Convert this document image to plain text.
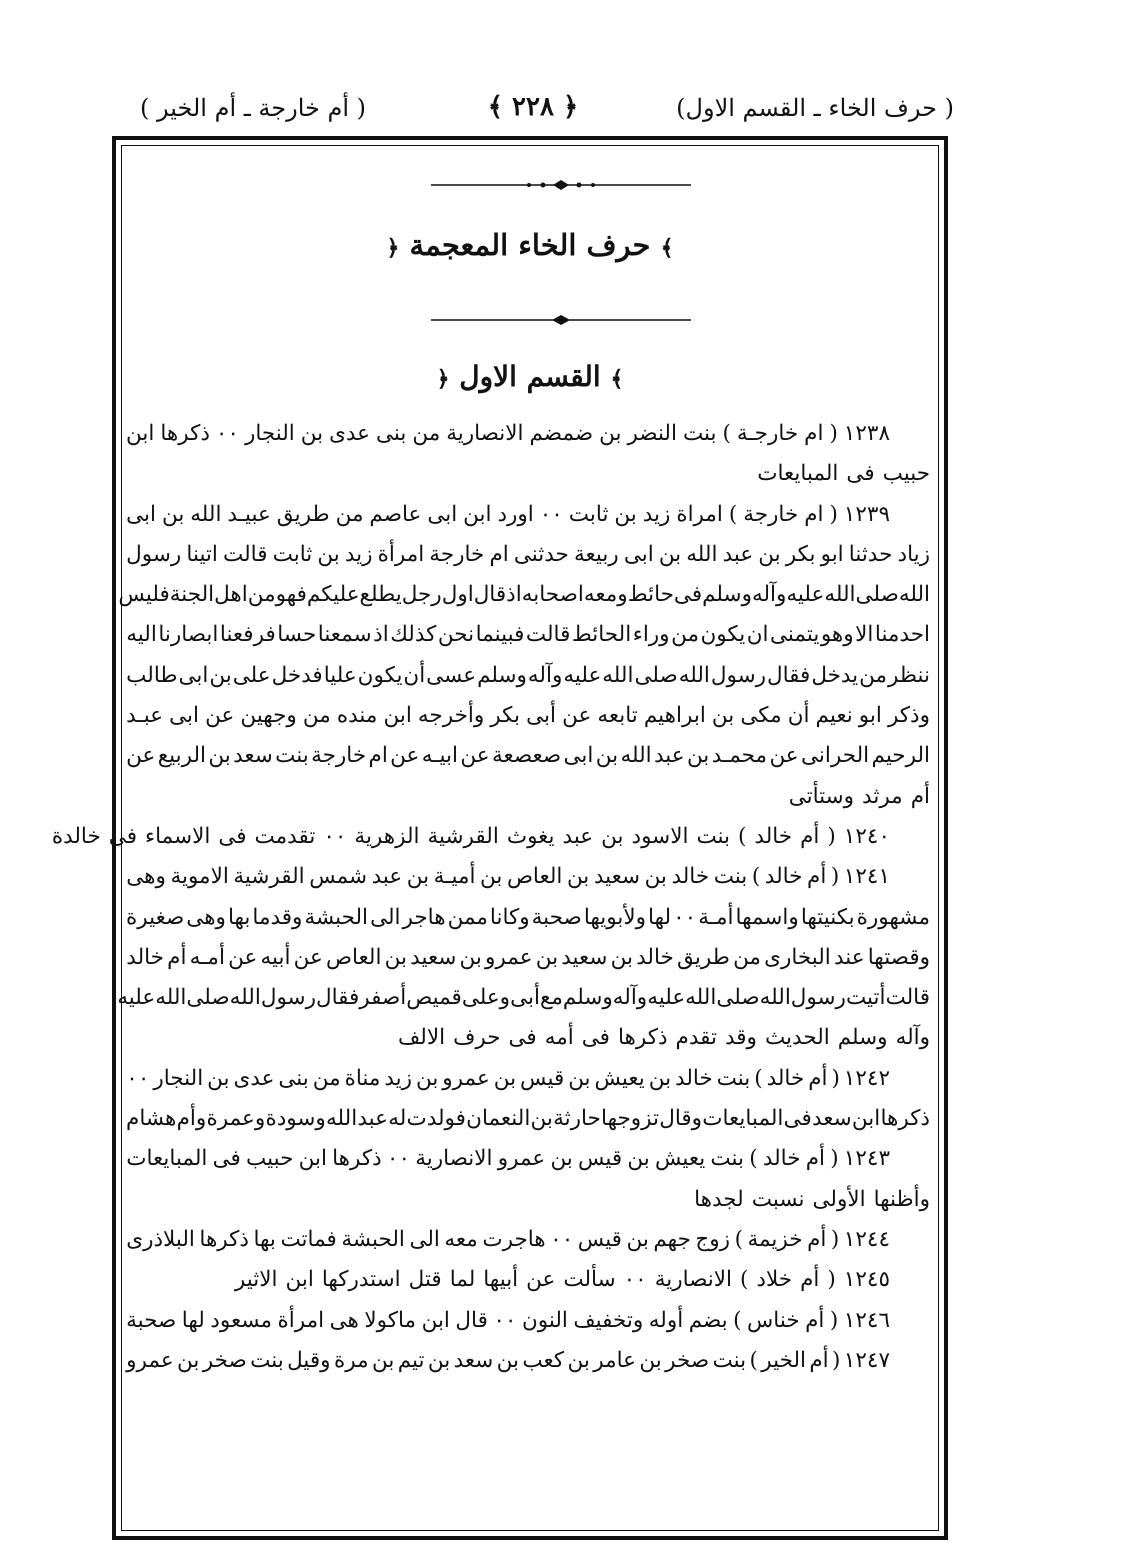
( حرف الخاء ـ القسم الاول)
﴿ ٢٢٨ ﴾
( أم خارجة ـ أم الخير )
﴾ حرف الخاء المعجمة ﴿
﴾ القسم الاول ﴿
١٢٣٨
(
ام
خارجـة
)
بنت
النضر
بن
ضمضم
الانصارية
من
بنى
عدى
بن
النجار
٠٠
ذكرها
ابن
حبيب
فى
المبايعات
١٢٣٩
(
ام
خارجة
)
امراة
زيد
بن
ثابت
٠٠
اورد
ابن
ابى
عاصم
من
طريق
عبيـد
الله
بن
ابى
زياد
حدثنا
ابو
بكر
بن
عبد
الله
بن
ابى
ربيعة
حدثنى
ام
خارجة
امرأة
زيد
بن
ثابت
قالت
اتينا
رسول
الله
صلى
الله
عليه
وآله
وسلم
فى
حائط
ومعه
اصحابه
اذ
قال
اول
رجل
يطلع
عليكم
فهو
من
اهل
الجنة
فليس
احدمنا
الا
وهو
يتمنى
ان
يكون
من
وراء
الحائط
قالت
فبينما
نحن
كذلك
اذ
سمعنا
حسا
فرفعنا
ابصارنا
اليه
ننظر
من
يدخل
فقال
رسول
الله
صلى
الله
عليه
وآله
وسلم
عسى
أن
يكون
عليا
فدخل
على
بن
ابى
طالب
وذكر
ابو
نعيم
أن
مكى
بن
ابراهيم
تابعه
عن
أبى
بكر
وأخرجه
ابن
منده
من
وجهين
عن
ابى
عبـد
الرحيم
الحرانى
عن
محمـد
بن
عبد
الله
بن
ابى
صعصعة
عن
ابيـه
عن
ام
خارجة
بنت
سعد
بن
الربيع
عن
أم
مرثد
وستأتى
١٢٤٠
(
أم
خالد
)
بنت
الاسود
بن
عبد
يغوث
القرشية
الزهرية
٠٠
تقدمت
فى
الاسماء
فى
خالدة
١٢٤١
(
أم
خالد
)
بنت
خالد
بن
سعيد
بن
العاص
بن
أميـة
بن
عبد
شمس
القرشية
الاموية
وهى
مشهورة
بكنيتها
واسمها
أمـة
٠٠
لها
ولأبويها
صحبة
وكانا
ممن
هاجر
الى
الحبشة
وقدما
بها
وهى
صغيرة
وقصتها
عند
البخارى
من
طريق
خالد
بن
سعيد
بن
عمرو
بن
سعيد
بن
العاص
عن
أبيه
عن
أمـه
أم
خالد
قالت
أتيت
رسول
الله
صلى
الله
عليه
وآله
وسلم
مع
أبى
وعلى
قميص
أصفر
فقال
رسول
الله
صلى
الله
عليه
وآله
وسلم
الحديث
وقد
تقدم
ذكرها
فى
أمه
فى
حرف
الالف
١٢٤٢
(
أم
خالد
)
بنت
خالد
بن
يعيش
بن
قيس
بن
عمرو
بن
زيد
مناة
من
بنى
عدى
بن
النجار
٠٠
ذكرها
ابن
سعد
فى
المبايعات
وقال
تزوجها
حارثة
بن
النعمان
فولدت
له
عبد
الله
وسودة
وعمرة
وأم
هشام
١٢٤٣
(
أم
خالد
)
بنت
يعيش
بن
قيس
بن
عمرو
الانصارية
٠٠
ذكرها
ابن
حبيب
فى
المبايعات
وأظنها
الأولى
نسبت
لجدها
١٢٤٤
(
أم
خزيمة
)
زوج
جهم
بن
قيس
٠٠
هاجرت
معه
الى
الحبشة
فماتت
بها
ذكرها
البلاذرى
١٢٤٥
(
أم
خلاد
)
الانصارية
٠٠
سألت
عن
أبيها
لما
قتل
استدركها
ابن
الاثير
١٢٤٦
(
أم
خناس
)
بضم
أوله
وتخفيف
النون
٠٠
قال
ابن
ماكولا
هى
امرأة
مسعود
لها
صحبة
١٢٤٧
(
أم
الخير
)
بنت
صخر
بن
عامر
بن
كعب
بن
سعد
بن
تيم
بن
مرة
وقيل
بنت
صخر
بن
عمرو
